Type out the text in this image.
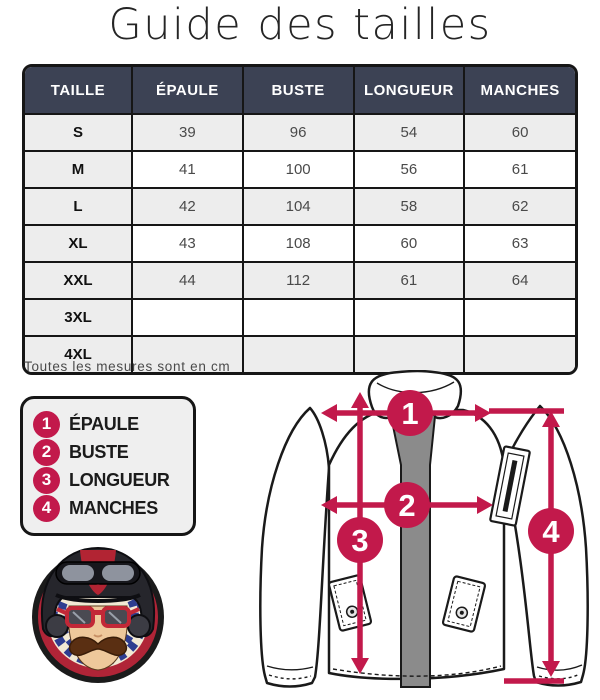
Guide des tailles
TAILLE	ÉPAULE	BUSTE	LONGUEUR	MANCHES
S	39	96	54	60
M	41	100	56	61
L	42	104	58	62
XL	43	108	60	63
XXL	44	112	61	64
3XL				
4XL				
Toutes les mesures sont en cm
1 ÉPAULE
2 BUSTE
3 LONGUEUR
4 MANCHES
1
2
3	4
